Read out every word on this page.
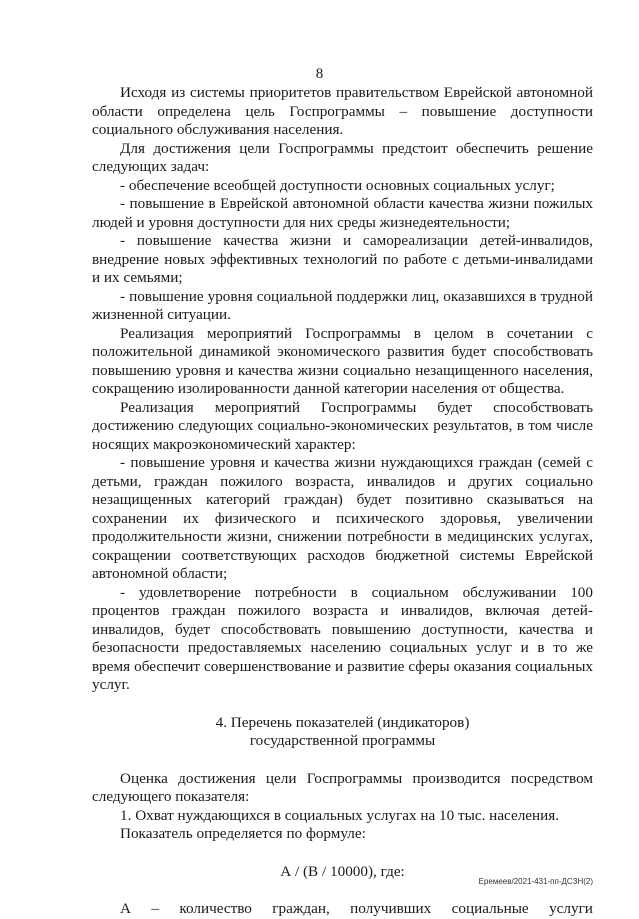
8

Исходя из системы приоритетов правительством Еврейской автономной области определена цель Госпрограммы – повышение доступности социального обслуживания населения.

Для достижения цели Госпрограммы предстоит обеспечить решение следующих задач:

- обеспечение всеобщей доступности основных социальных услуг;

- повышение в Еврейской автономной области качества жизни пожилых людей и уровня доступности для них среды жизнедеятельности;

- повышение качества жизни и самореализации детей-инвалидов, внедрение новых эффективных технологий по работе с детьми-инвалидами и их семьями;

- повышение уровня социальной поддержки лиц, оказавшихся в трудной жизненной ситуации.

Реализация мероприятий Госпрограммы в целом в сочетании с положительной динамикой экономического развития будет способствовать повышению уровня и качества жизни социально незащищенного населения, сокращению изолированности данной категории населения от общества.

Реализация мероприятий Госпрограммы будет способствовать достижению следующих социально-экономических результатов, в том числе носящих макроэкономический характер:

- повышение уровня и качества жизни нуждающихся граждан (семей с детьми, граждан пожилого возраста, инвалидов и других социально незащищенных категорий граждан) будет позитивно сказываться на сохранении их физического и психического здоровья, увеличении продолжительности жизни, снижении потребности в медицинских услугах, сокращении соответствующих расходов бюджетной системы Еврейской автономной области;

- удовлетворение потребности в социальном обслуживании 100 процентов граждан пожилого возраста и инвалидов, включая детей-инвалидов, будет способствовать повышению доступности, качества и безопасности предоставляемых населению социальных услуг и в то же время обеспечит совершенствование и развитие сферы оказания социальных услуг.

4. Перечень показателей (индикаторов)

государственной программы

Оценка достижения цели Госпрограммы производится посредством следующего показателя:

1. Охват нуждающихся в социальных услугах на 10 тыс. населения.

Показатель определяется по формуле:

А / (В / 10000), где:

А – количество граждан, получивших социальные услуги
Еремеев/2021-431-пп-ДСЗН(2)
